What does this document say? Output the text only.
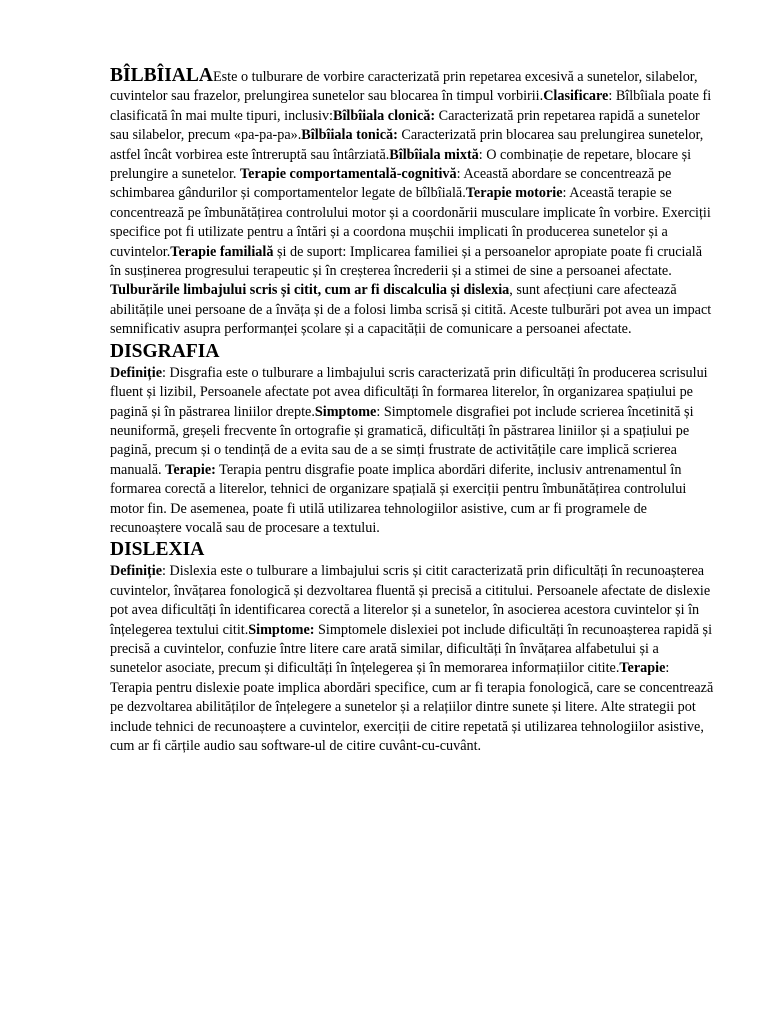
BÎLBÎIALAEste o tulburare de vorbire caracterizată prin repetarea excesivă a sunetelor, silabelor, cuvintelor sau frazelor, prelungirea sunetelor sau blocarea în timpul vorbirii.Clasificare: Bîlbîiala poate fi clasificată în mai multe tipuri, inclusiv:Bîlbîiala clonică: Caracterizată prin repetarea rapidă a sunetelor sau silabelor, precum «pa-pa-pa».Bîlbîiala tonică: Caracterizată prin blocarea sau prelungirea sunetelor, astfel încât vorbirea este întreruptă sau întârziată.Bîlbîiala mixtă: O combinație de repetare, blocare și prelungire a sunetelor. Terapie comportamentală-cognitivă: Această abordare se concentrează pe schimbarea gândurilor și comportamentelor legate de bîlbîială.Terapie motorie: Această terapie se concentrează pe îmbunătățirea controlului motor și a coordonării musculare implicate în vorbire. Exerciții specifice pot fi utilizate pentru a întări și a coordona mușchii implicati în producerea sunetelor și a cuvintelor.Terapie familială și de suport: Implicarea familiei și a persoanelor apropiate poate fi crucială în susținerea progresului terapeutic și în creșterea încrederii și a stimei de sine a persoanei afectate.

Tulburările limbajului scris și citit, cum ar fi discalculia și dislexia, sunt afecțiuni care afectează abilitățile unei persoane de a învăța și de a folosi limba scrisă și citită. Aceste tulburări pot avea un impact semnificativ asupra performanței școlare și a capacității de comunicare a persoanei afectate.

DISGRAFIA

Definiție: Disgrafia este o tulburare a limbajului scris caracterizată prin dificultăți în producerea scrisului fluent și lizibil, Persoanele afectate pot avea dificultăți în formarea literelor, în organizarea spațiului pe pagină și în păstrarea liniilor drepte.Simptome: Simptomele disgrafiei pot include scrierea încetinită și neuniformă, greșeli frecvente în ortografie și gramatică, dificultăți în păstrarea liniilor și a spațiului pe pagină, precum și o tendință de a evita sau de a se simți frustrate de activitățile care implică scrierea manuală. Terapie: Terapia pentru disgrafie poate implica abordări diferite, inclusiv antrenamentul în formarea corectă a literelor, tehnici de organizare spațială și exerciții pentru îmbunătățirea controlului motor fin. De asemenea, poate fi utilă utilizarea tehnologiilor asistive, cum ar fi programele de recunoaștere vocală sau de procesare a textului.

DISLEXIA

Definiție: Dislexia este o tulburare a limbajului scris și citit caracterizată prin dificultăți în recunoașterea cuvintelor, învățarea fonologică și dezvoltarea fluentă și precisă a cititului. Persoanele afectate de dislexie pot avea dificultăți în identificarea corectă a literelor și a sunetelor, în asocierea acestora cuvintelor și în înțelegerea textului citit.Simptome: Simptomele dislexiei pot include dificultăți în recunoașterea rapidă și precisă a cuvintelor, confuzie între litere care arată similar, dificultăți în învățarea alfabetului și a sunetelor asociate, precum și dificultăți în înțelegerea și în memorarea informațiilor citite.Terapie: Terapia pentru dislexie poate implica abordări specifice, cum ar fi terapia fonologică, care se concentrează pe dezvoltarea abilităților de înțelegere a sunetelor și a relațiilor dintre sunete și litere. Alte strategii pot include tehnici de recunoaștere a cuvintelor, exerciții de citire repetată și utilizarea tehnologiilor asistive, cum ar fi cărțile audio sau software-ul de citire cuvânt-cu-cuvânt.
